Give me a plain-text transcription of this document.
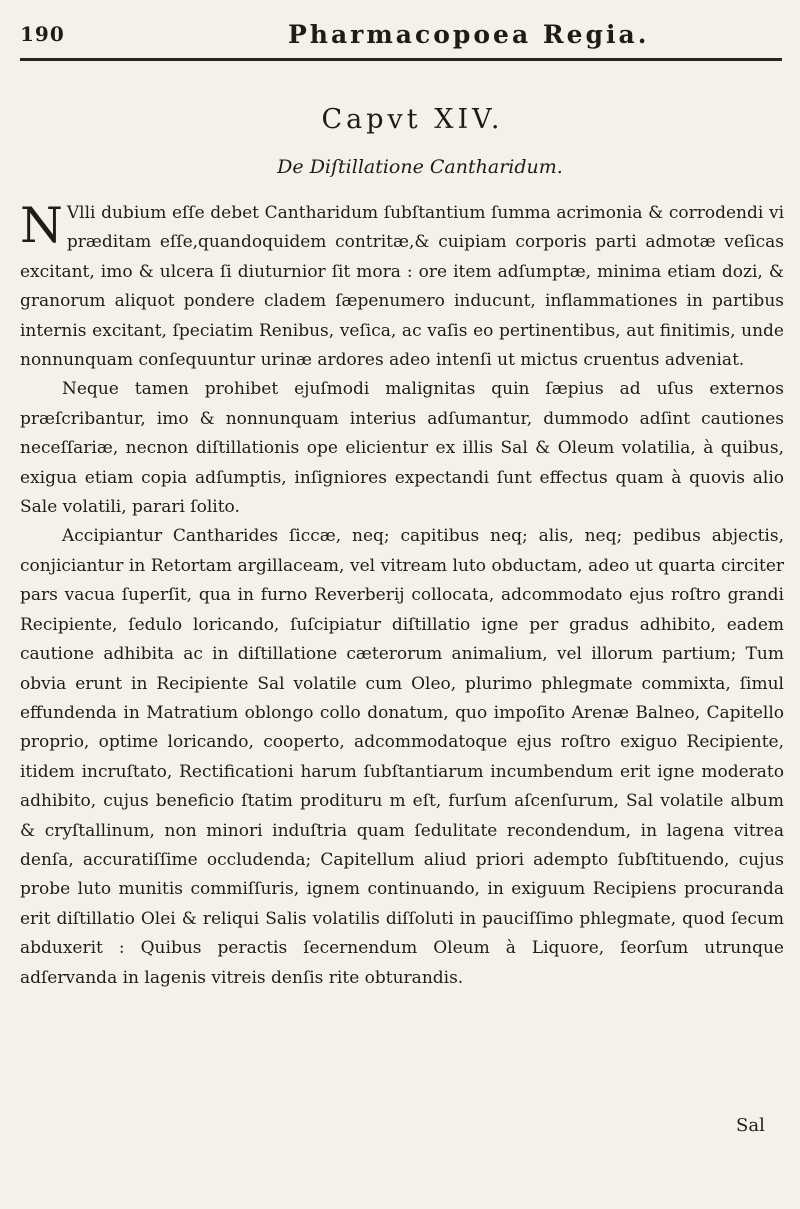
190	Pharmacopoea Regia.
Capvt XIV.
De Diſtillatione Cantharidum.

N Vlli dubium eſſe debet Cantharidum ſubſtantium ſumma acrimonia & corrodendi vi præditam eſſe,quandoquidem contritæ,& cuipiam corporis parti admotæ veſicas excitant, imo & ulcera ſi diuturnior ſit mora : ore item adſumptæ, minima etiam dozi, & granorum aliquot pondere cladem ſæpenumero inducunt, inflammationes in partibus internis excitant, ſpeciatim Renibus, veſica, ac vaſis eo pertinentibus, aut finitimis, unde nonnunquam conſequuntur urinæ ardores adeo intenſi ut mictus cruentus adveniat.

Neque tamen prohibet ejuſmodi malignitas quin ſæpius ad uſus externos præſcribantur, imo & nonnunquam interius adſumantur, dummodo adſint cautiones neceſſariæ, necnon diſtillationis ope elicientur ex illis Sal & Oleum volatilia, à quibus, exigua etiam copia adſumptis, inſigniores expectandi ſunt effectus quam à quovis alio Sale volatili, parari ſolito.

Accipiantur Cantharides ſiccæ, neq; capitibus neq; alis, neq; pedibus abjectis, conjiciantur in Retortam argillaceam, vel vitream luto obductam, adeo ut quarta circiter pars vacua ſuperſit, qua in furno Reverberij collocata, adcommodato ejus roſtro grandi Recipiente, ſedulo loricando, ſuſcipiatur diſtillatio igne per gradus adhibito, eadem cautione adhibita ac in diſtillatione cæterorum animalium, vel illorum partium; Tum obvia erunt in Recipiente Sal volatile cum Oleo, plurimo phlegmate commixta, ſimul effundenda in Matratium oblongo collo donatum, quo impoſito Arenæ Balneo, Capitello proprio, optime loricando, cooperto, adcommodatoque ejus roſtro exiguo Recipiente, itidem incruſtato, Rectificationi harum ſubſtantiarum incumbendum erit igne moderato adhibito, cujus beneficio ſtatim prodituru m eſt, furſum aſcenſurum, Sal volatile album & cryſtallinum, non minori induſtria quam ſedulitate recondendum, in lagena vitrea denſa, accuratiſſime occludenda; Capitellum aliud priori adempto ſubſtituendo, cujus probe luto munitis commiſſuris, ignem continuando, in exiguum Recipiens procuranda erit diſtillatio Olei & reliqui Salis volatilis diſſoluti in pauciſſimo phlegmate, quod ſecum abduxerit : Quibus peractis ſecernendum Oleum à Liquore, ſeorſum utrunque adſervanda in lagenis vitreis denſis rite obturandis.

Sal
